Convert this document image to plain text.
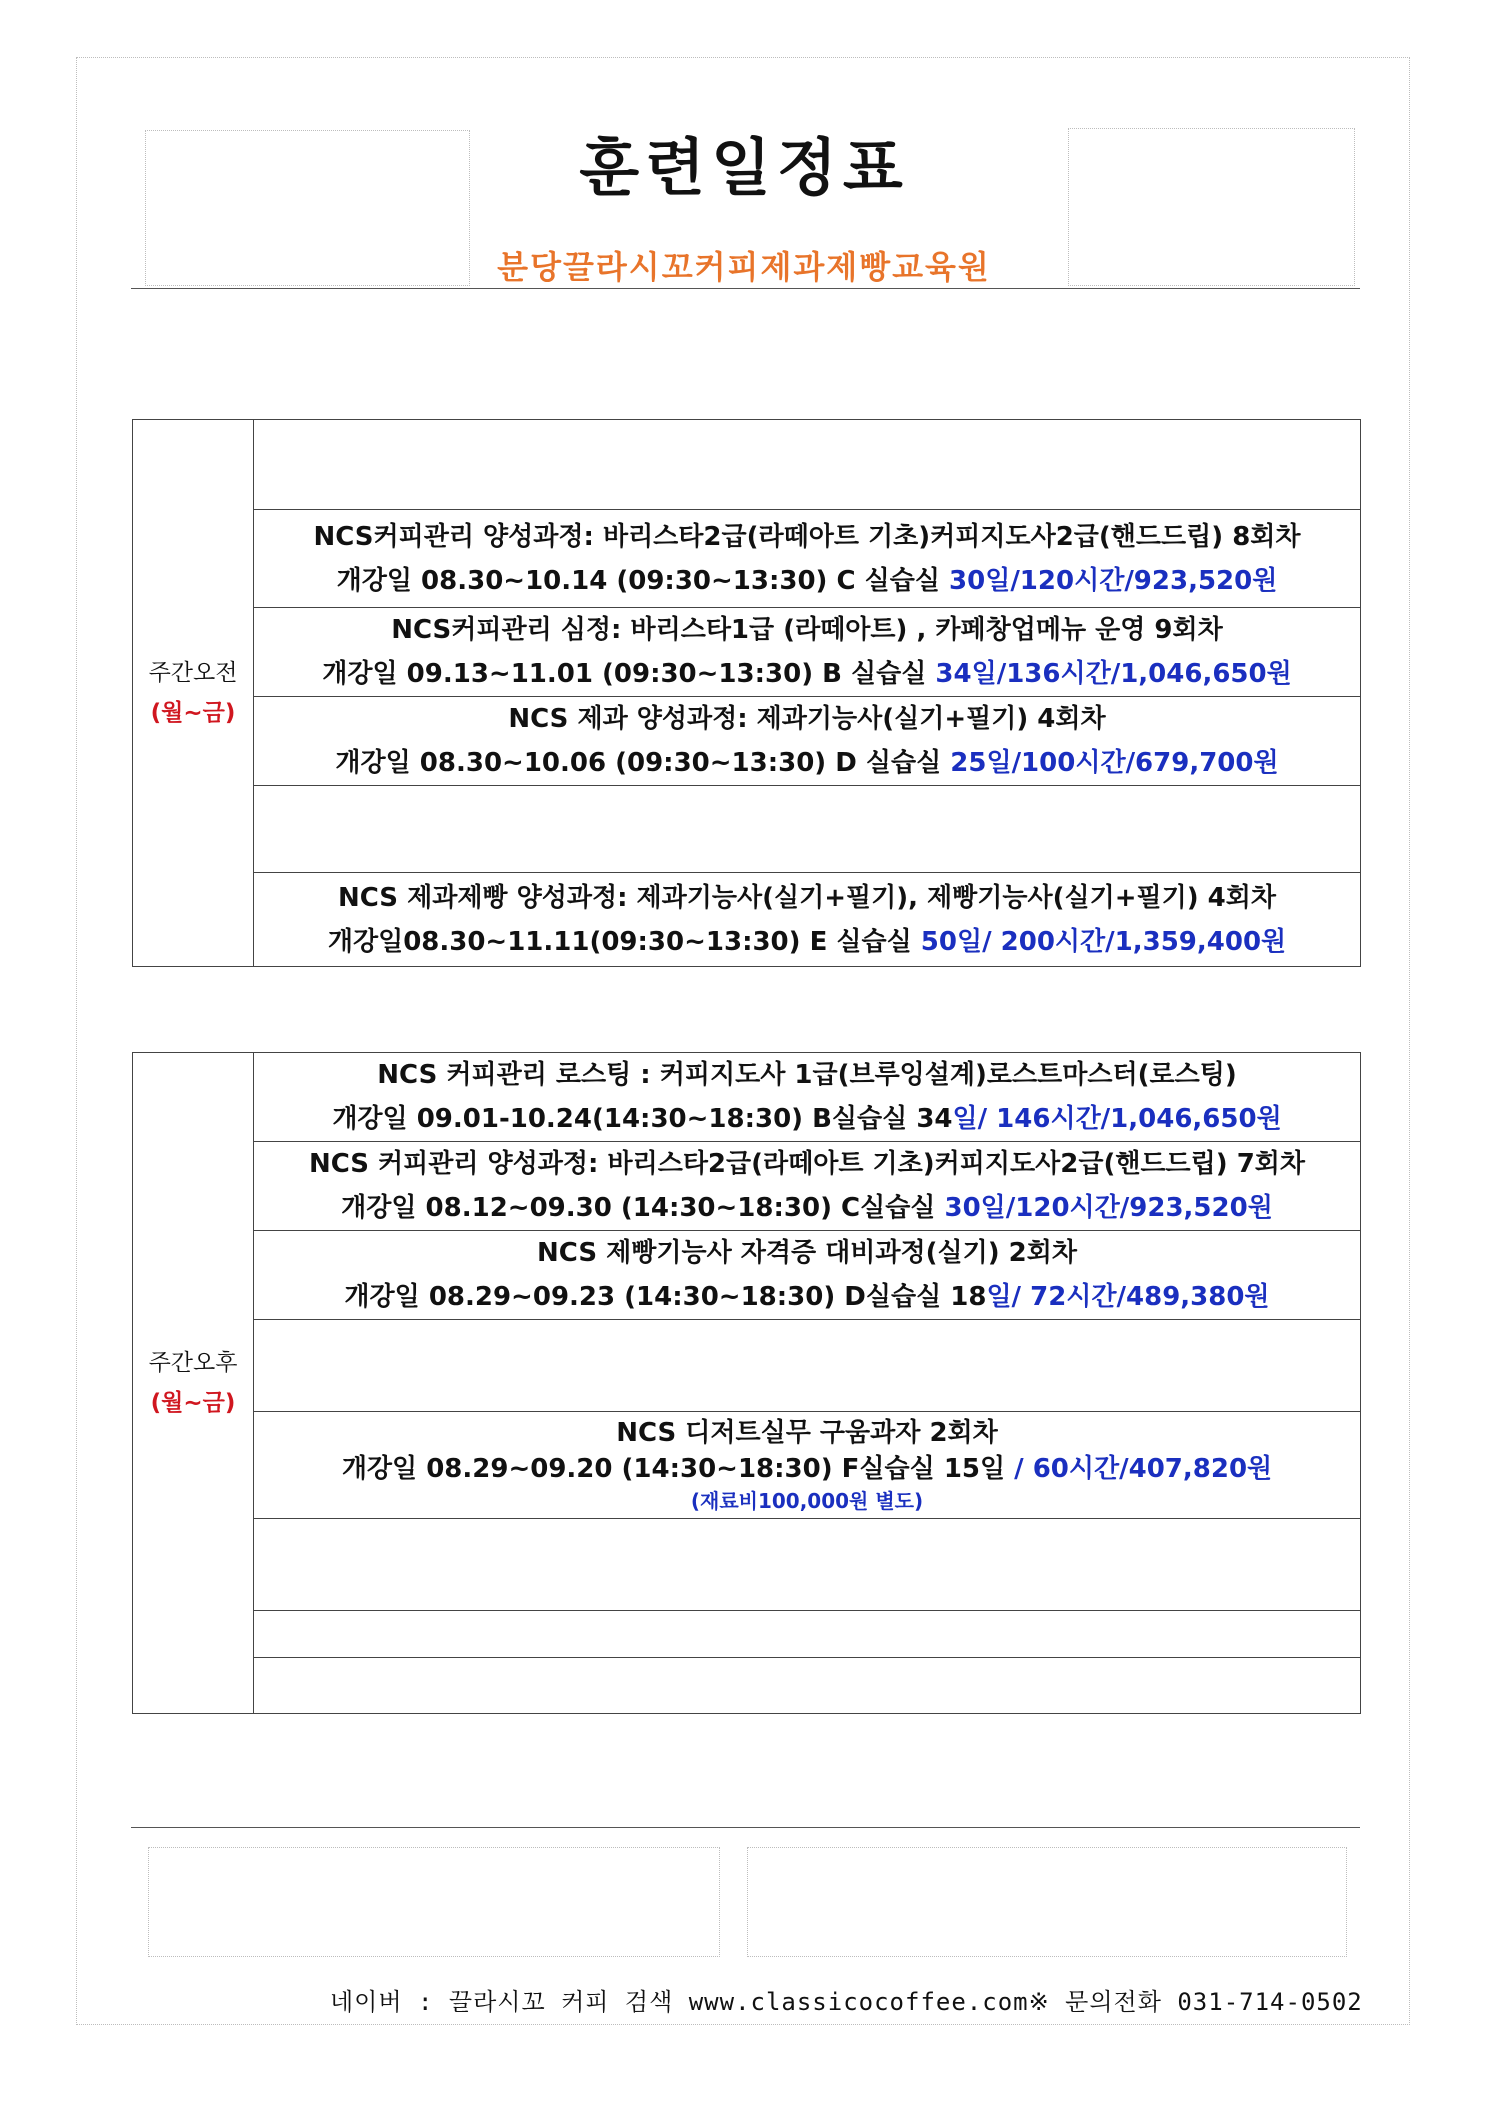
훈련일정표
분당끌라시꼬커피제과제빵교육원
주간오전
(월~금)

NCS커피관리 양성과정: 바리스타2급(라떼아트 기초)커피지도사2급(핸드드립) 8회차
개강일 08.30~10.14 (09:30~13:30) C 실습실 30일/120시간/923,520원

NCS커피관리 심정: 바리스타1급 (라떼아트) , 카페창업메뉴 운영 9회차
개강일 09.13~11.01 (09:30~13:30) B 실습실 34일/136시간/1,046,650원

NCS 제과 양성과정: 제과기능사(실기+필기) 4회차
개강일 08.30~10.06 (09:30~13:30) D 실습실 25일/100시간/679,700원

NCS 제과제빵 양성과정: 제과기능사(실기+필기), 제빵기능사(실기+필기) 4회차
개강일08.30~11.11(09:30~13:30) E 실습실 50일/ 200시간/1,359,400원
주간오후
(월~금)

NCS 커피관리 로스팅 : 커피지도사 1급(브루잉설계)로스트마스터(로스팅)
개강일 09.01-10.24(14:30~18:30) B실습실 34일/ 146시간/1,046,650원

NCS 커피관리 양성과정: 바리스타2급(라떼아트 기초)커피지도사2급(핸드드립) 7회차
개강일 08.12~09.30 (14:30~18:30) C실습실 30일/120시간/923,520원

NCS 제빵기능사 자격증 대비과정(실기) 2회차
개강일 08.29~09.23 (14:30~18:30) D실습실 18일/ 72시간/489,380원

NCS 디저트실무 구움과자 2회차
개강일 08.29~09.20 (14:30~18:30) F실습실 15일 / 60시간/407,820원
(재료비100,000원 별도)

네이버 : 끌라시꼬 커피 검색 www.classicocoffee.com※ 문의전화 031-714-0502
